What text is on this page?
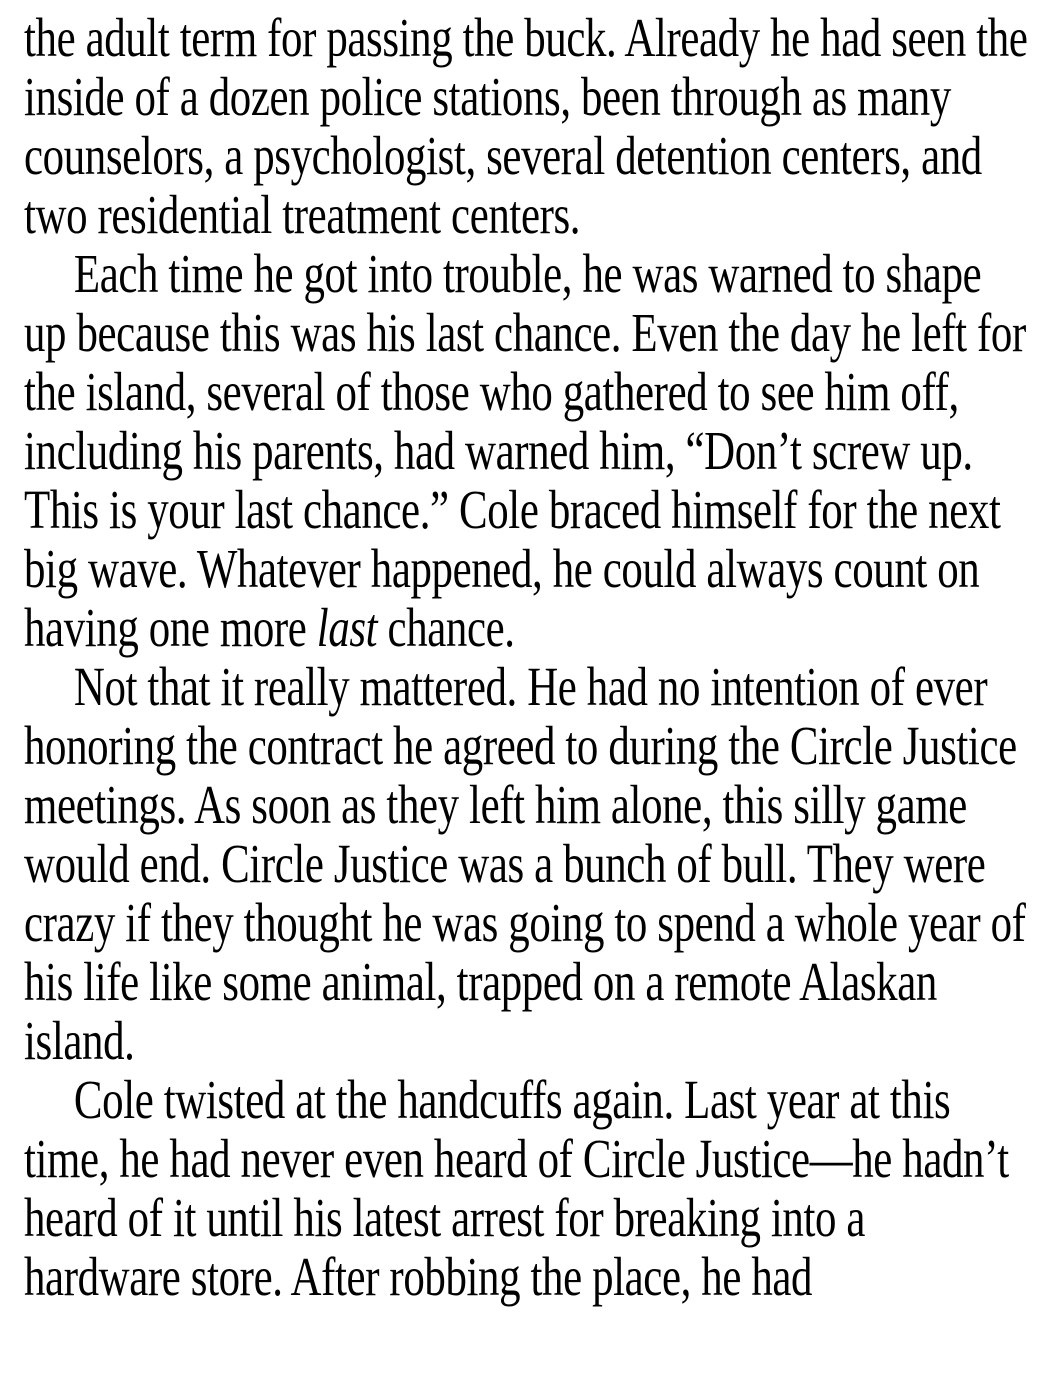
the adult term for passing the buck. Already he had seen the inside of a dozen police stations, been through as many counselors, a psychologist, several detention centers, and two residential treatment centers.

Each time he got into trouble, he was warned to shape up because this was his last chance. Even the day he left for the island, several of those who gathered to see him off, including his parents, had warned him, “Don’t screw up. This is your last chance.” Cole braced himself for the next big wave. Whatever happened, he could always count on having one more last chance.

Not that it really mattered. He had no intention of ever honoring the contract he agreed to during the Circle Justice meetings. As soon as they left him alone, this silly game would end. Circle Justice was a bunch of bull. They were crazy if they thought he was going to spend a whole year of his life like some animal, trapped on a remote Alaskan island.

Cole twisted at the handcuffs again. Last year at this time, he had never even heard of Circle Justice—he hadn’t heard of it until his latest arrest for breaking into a hardware store. After robbing the place, he had
